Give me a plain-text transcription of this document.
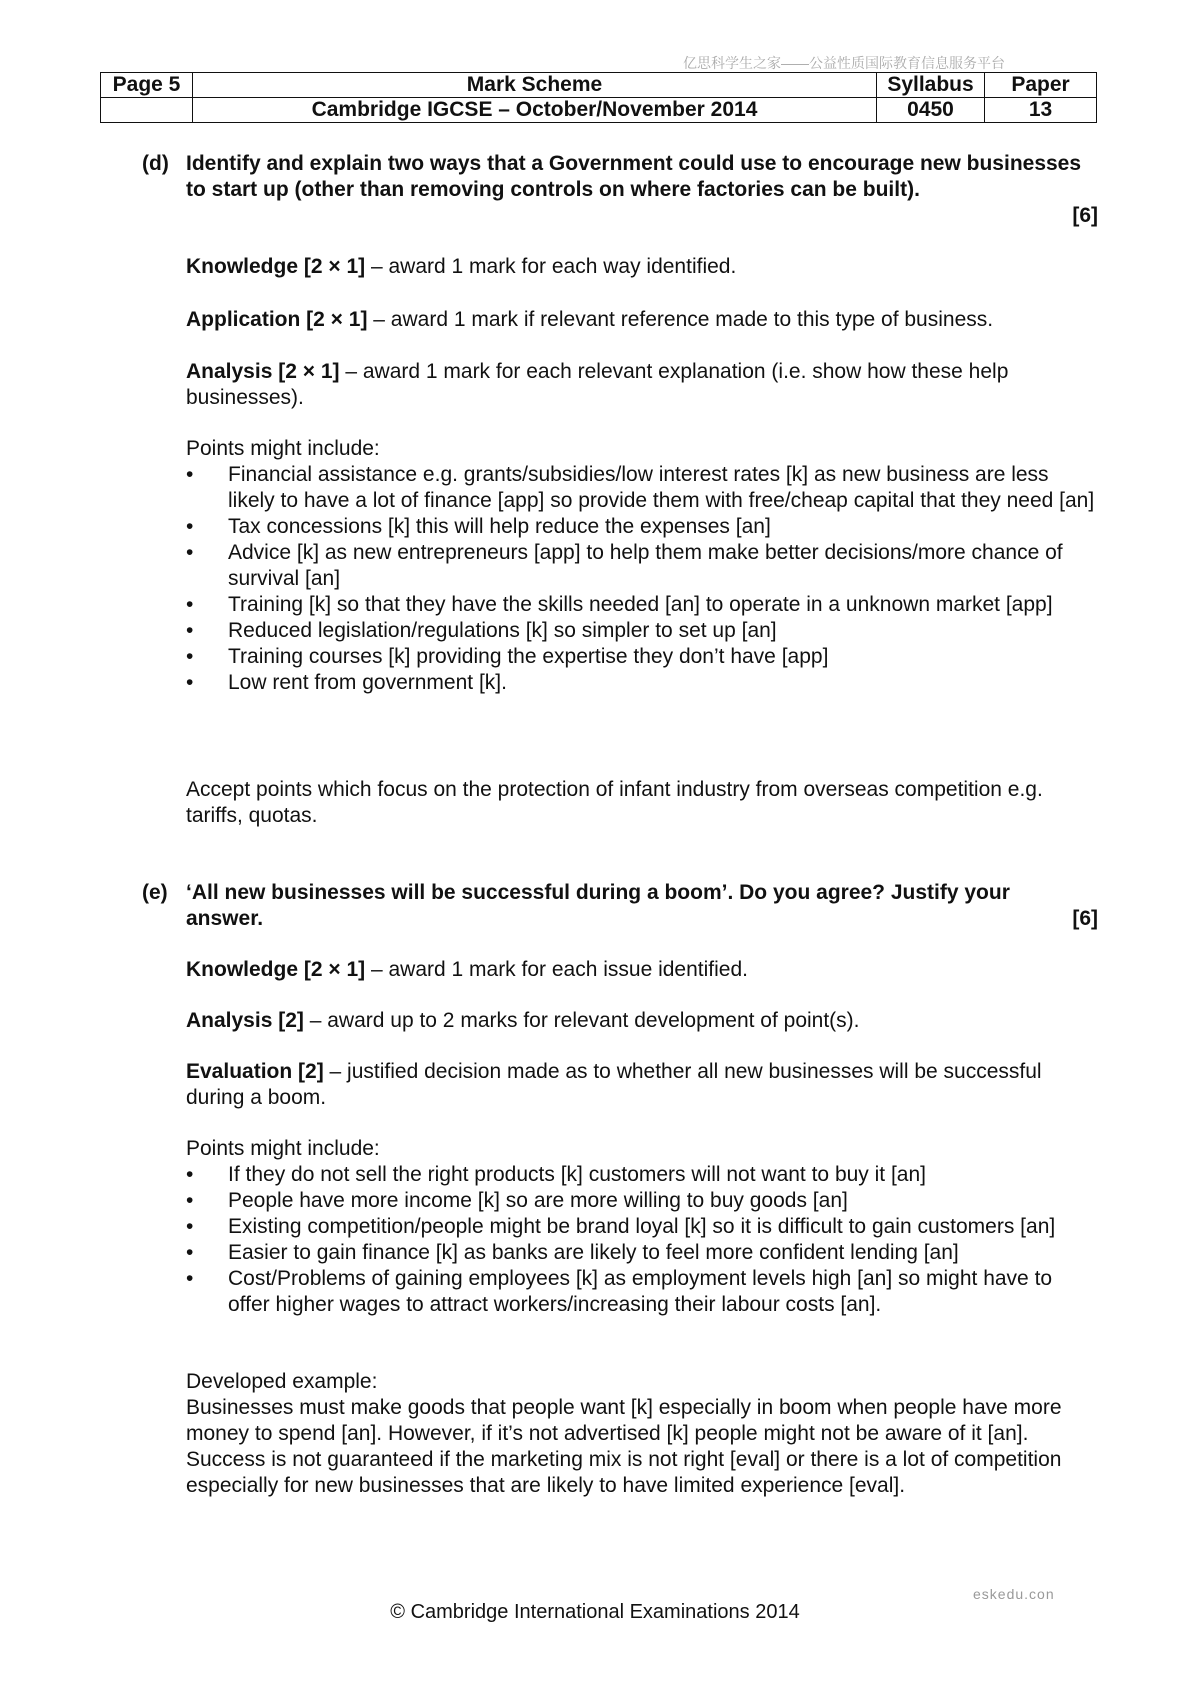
亿思科学生之家——公益性质国际教育信息服务平台
Page 5	Mark Scheme	Syllabus	Paper
	Cambridge IGCSE – October/November 2014	0450	13
(d) Identify and explain two ways that a Government could use to encourage new businesses to start up (other than removing controls on where factories can be built).

[6]

Knowledge [2 × 1] – award 1 mark for each way identified.
Application [2 × 1] – award 1 mark if relevant reference made to this type of business.
Analysis [2 × 1] – award 1 mark for each relevant explanation (i.e. show how these help businesses).

Points might include:

• Financial assistance e.g. grants/subsidies/low interest rates [k] as new business are less likely to have a lot of finance [app] so provide them with free/cheap capital that they need [an]
• Tax concessions [k] this will help reduce the expenses [an]
• Advice [k] as new entrepreneurs [app] to help them make better decisions/more chance of survival [an]
• Training [k] so that they have the skills needed [an] to operate in a unknown market [app]
• Reduced legislation/regulations [k] so simpler to set up [an]
• Training courses [k] providing the expertise they don’t have [app]
• Low rent from government [k].
Accept points which focus on the protection of infant industry from overseas competition e.g. tariffs, quotas.
(e) ‘All new businesses will be successful during a boom’. Do you agree? Justify your

answer.	[6]

Knowledge [2 × 1] – award 1 mark for each issue identified.
Analysis [2] – award up to 2 marks for relevant development of point(s).
Evaluation [2] – justified decision made as to whether all new businesses will be successful during a boom.

Points might include:

• If they do not sell the right products [k] customers will not want to buy it [an]
• People have more income [k] so are more willing to buy goods [an]
• Existing competition/people might be brand loyal [k] so it is difficult to gain customers [an]
• Easier to gain finance [k] as banks are likely to feel more confident lending [an]
• Cost/Problems of gaining employees [k] as employment levels high [an] so might have to offer higher wages to attract workers/increasing their labour costs [an].

Developed example:

Businesses must make goods that people want [k] especially in boom when people have more money to spend [an]. However, if it’s not advertised [k] people might not be aware of it [an]. Success is not guaranteed if the marketing mix is not right [eval] or there is a lot of competition especially for new businesses that are likely to have limited experience [eval].

eskedu.con
© Cambridge International Examinations 2014
